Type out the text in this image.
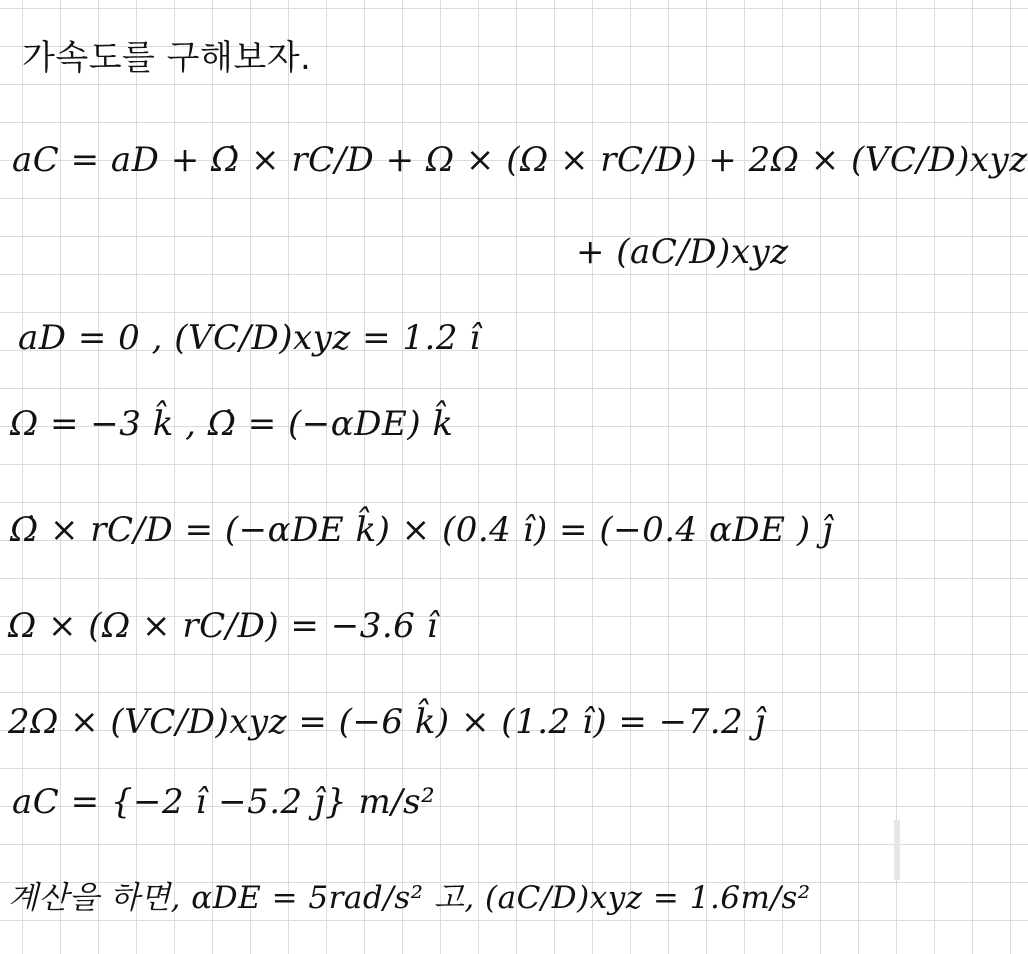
가속도를 구해보자.
aC = aD + Ω̇ × rC/D + Ω × (Ω × rC/D) + 2Ω × (VC/D)xyz
+ (aC/D)xyz
aD = 0 , (VC/D)xyz = 1.2 î
Ω = −3 k̂ , Ω̇ = (−αDE) k̂
Ω̇ × rC/D = (−αDE k̂) × (0.4 î) = (−0.4 αDE ) ĵ
Ω × (Ω × rC/D) = −3.6 î
2Ω × (VC/D)xyz = (−6 k̂) × (1.2 î) = −7.2 ĵ
aC = {−2 î −5.2 ĵ} m/s²
계산을 하면, αDE = 5rad/s² 고, (aC/D)xyz = 1.6m/s²
